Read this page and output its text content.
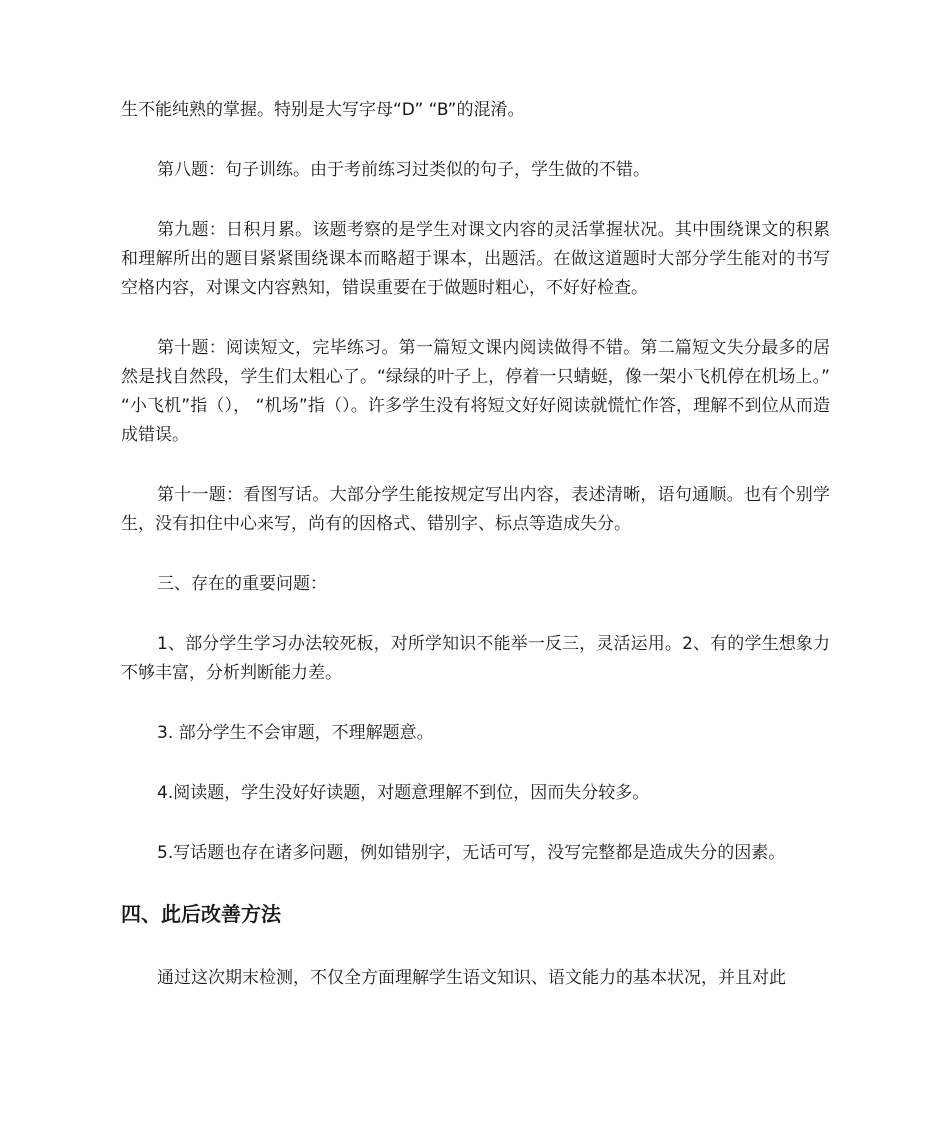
生不能纯熟的掌握。特别是大写字母“D” “B”的混淆。

第八题：句子训练。由于考前练习过类似的句子，学生做的不错。

第九题：日积月累。该题考察的是学生对课文内容的灵活掌握状况。其中围绕课文的积累和理解所出的题目紧紧围绕课本而略超于课本，出题活。在做这道题时大部分学生能对的书写空格内容，对课文内容熟知，错误重要在于做题时粗心，不好好检查。

第十题：阅读短文，完毕练习。第一篇短文课内阅读做得不错。第二篇短文失分最多的居然是找自然段，学生们太粗心了。“绿绿的叶子上，停着一只蜻蜓，像一架小飞机停在机场上。” “小飞机”指（）， “机场”指（）。许多学生没有将短文好好阅读就慌忙作答，理解不到位从而造成错误。

第十一题：看图写话。大部分学生能按规定写出内容，表述清晰，语句通顺。也有个别学生，没有扣住中心来写，尚有的因格式、错别字、标点等造成失分。

三、存在的重要问题：

1、部分学生学习办法较死板，对所学知识不能举一反三，灵活运用。2、有的学生想象力不够丰富，分析判断能力差。

3. 部分学生不会审题，不理解题意。

4.阅读题，学生没好好读题，对题意理解不到位，因而失分较多。

5.写话题也存在诸多问题，例如错别字，无话可写，没写完整都是造成失分的因素。

四、此后改善方法

通过这次期末检测，不仅全方面理解学生语文知识、语文能力的基本状况，并且对此
